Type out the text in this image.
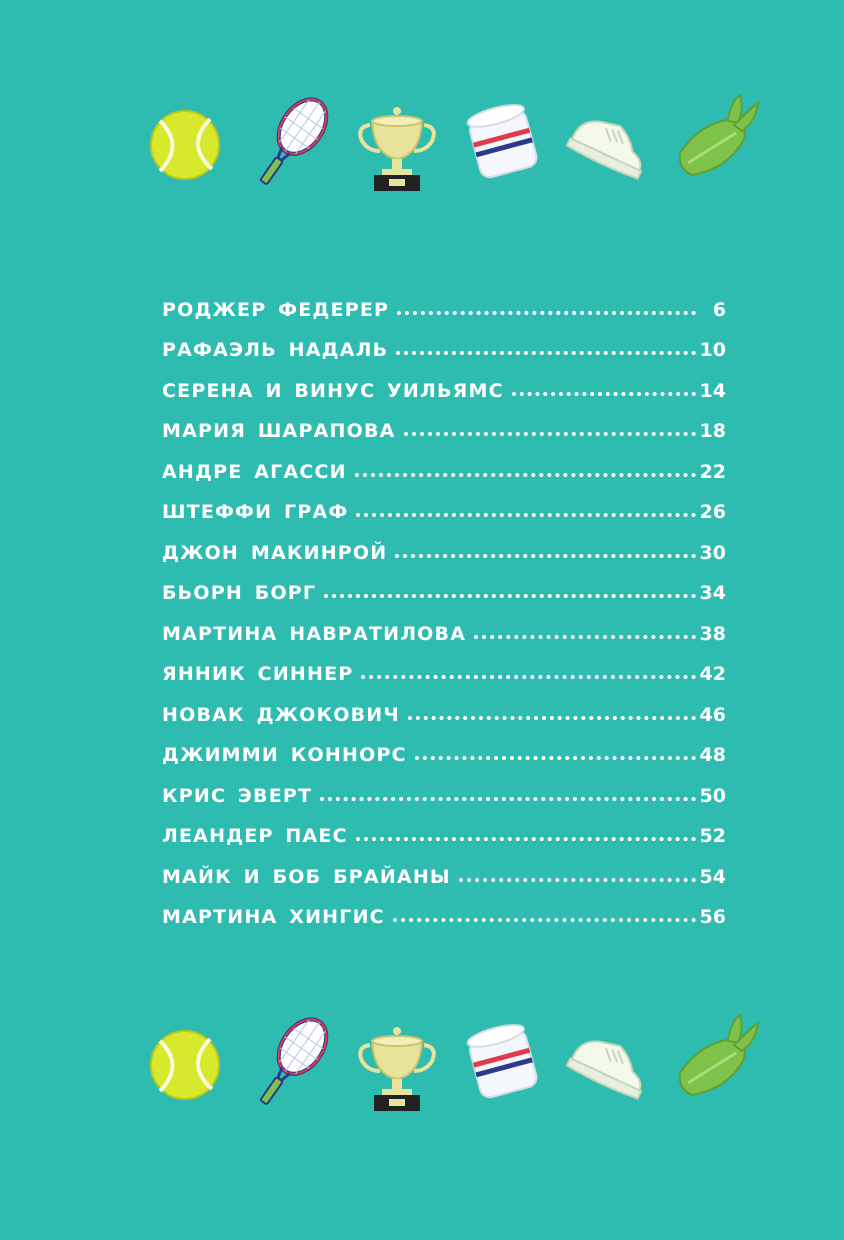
РОДЖЕР ФЕДЕРЕР	6
РАФАЭЛЬ НАДАЛЬ	10
СЕРЕНА И ВИНУС УИЛЬЯМС	14
МАРИЯ ШАРАПОВА	18
АНДРЕ АГАССИ	22
ШТЕФФИ ГРАФ	26
ДЖОН МАКИНРОЙ	30
БЬОРН БОРГ	34
МАРТИНА НАВРАТИЛОВА	38
ЯННИК СИННЕР	42
НОВАК ДЖОКОВИЧ	46
ДЖИММИ КОННОРС	48
КРИС ЭВЕРТ	50
ЛЕАНДЕР ПАЕС	52
МАЙК И БОБ БРАЙАНЫ	54
МАРТИНА ХИНГИС	56
